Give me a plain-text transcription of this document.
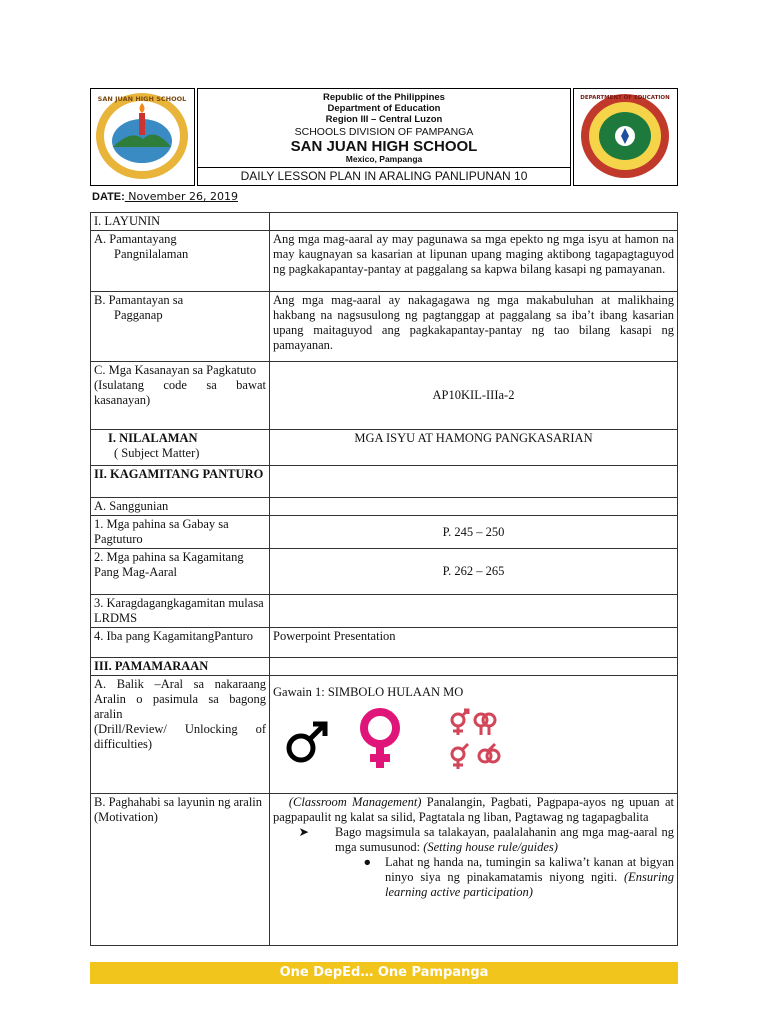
SAN JUAN HIGH SCHOOL	Republic of the Philippines
Department of Education
Region III – Central Luzon
SCHOOLS DIVISION OF PAMPANGA
SAN JUAN HIGH SCHOOL
Mexico, Pampanga
DAILY LESSON PLAN IN ARALING PANLIPUNAN 10
DEPARTMENT OF EDUCATION
DATE: November 26, 2019
I. LAYUNIN	

A. Pamantayang
Pangnilalaman	Ang mga mag-aaral ay may pagunawa sa mga epekto ng mga isyu at hamon na may kaugnayan sa kasarian at lipunan upang maging aktibong tagapagtaguyod ng pagkakapantay-pantay at paggalang sa kapwa bilang kasapi ng pamayanan.

B. Pamantayan sa
Pagganap	Ang mga mag-aaral ay nakagagawa ng mga makabuluhan at malikhaing hakbang na nagsusulong ng pagtanggap at paggalang sa iba’t ibang kasarian upang maitaguyod ang pagkakapantay-pantay ng tao bilang kasapi ng pamayanan.

C. Mga Kasanayan sa Pagkatuto
(Isulatang code sa bawat kasanayan)	AP10KIL-IIIa-2

I. NILALAMAN
( Subject Matter)	MGA ISYU AT HAMONG PANGKASARIAN
II. KAGAMITANG PANTURO	
A. Sanggunian	
1. Mga pahina sa Gabay sa Pagtuturo	P. 245 – 250
2. Mga pahina sa Kagamitang Pang Mag-Aaral	P. 262 – 265
3. Karagdagangkagamitan mulasa LRDMS	
4. Iba pang KagamitangPanturo	Powerpoint Presentation
III. PAMAMARAAN	

A. Balik –Aral sa nakaraang Aralin o pasimula sa bagong aralin
(Drill/Review/ Unlocking of difficulties)	Gawain 1: SIMBOLO HULAAN MO

B. Paghahabi sa layunin ng aralin (Motivation)	(Classroom Management) Panalangin, Pagbati, Pagpapa-ayos ng upuan at pagpapaulit ng kalat sa silid, Pagtatala ng liban, Pagtawag ng tagapagbalita
➤ Bago magsimula sa talakayan, paalalahanin ang mga mag-aaral ng mga sumusunod: (Setting house rule/guides)
● Lahat ng handa na, tumingin sa kaliwa’t kanan at bigyan ninyo siya ng pinakamatamis niyong ngiti. (Ensuring learning active participation)
One DepEd… One Pampanga
